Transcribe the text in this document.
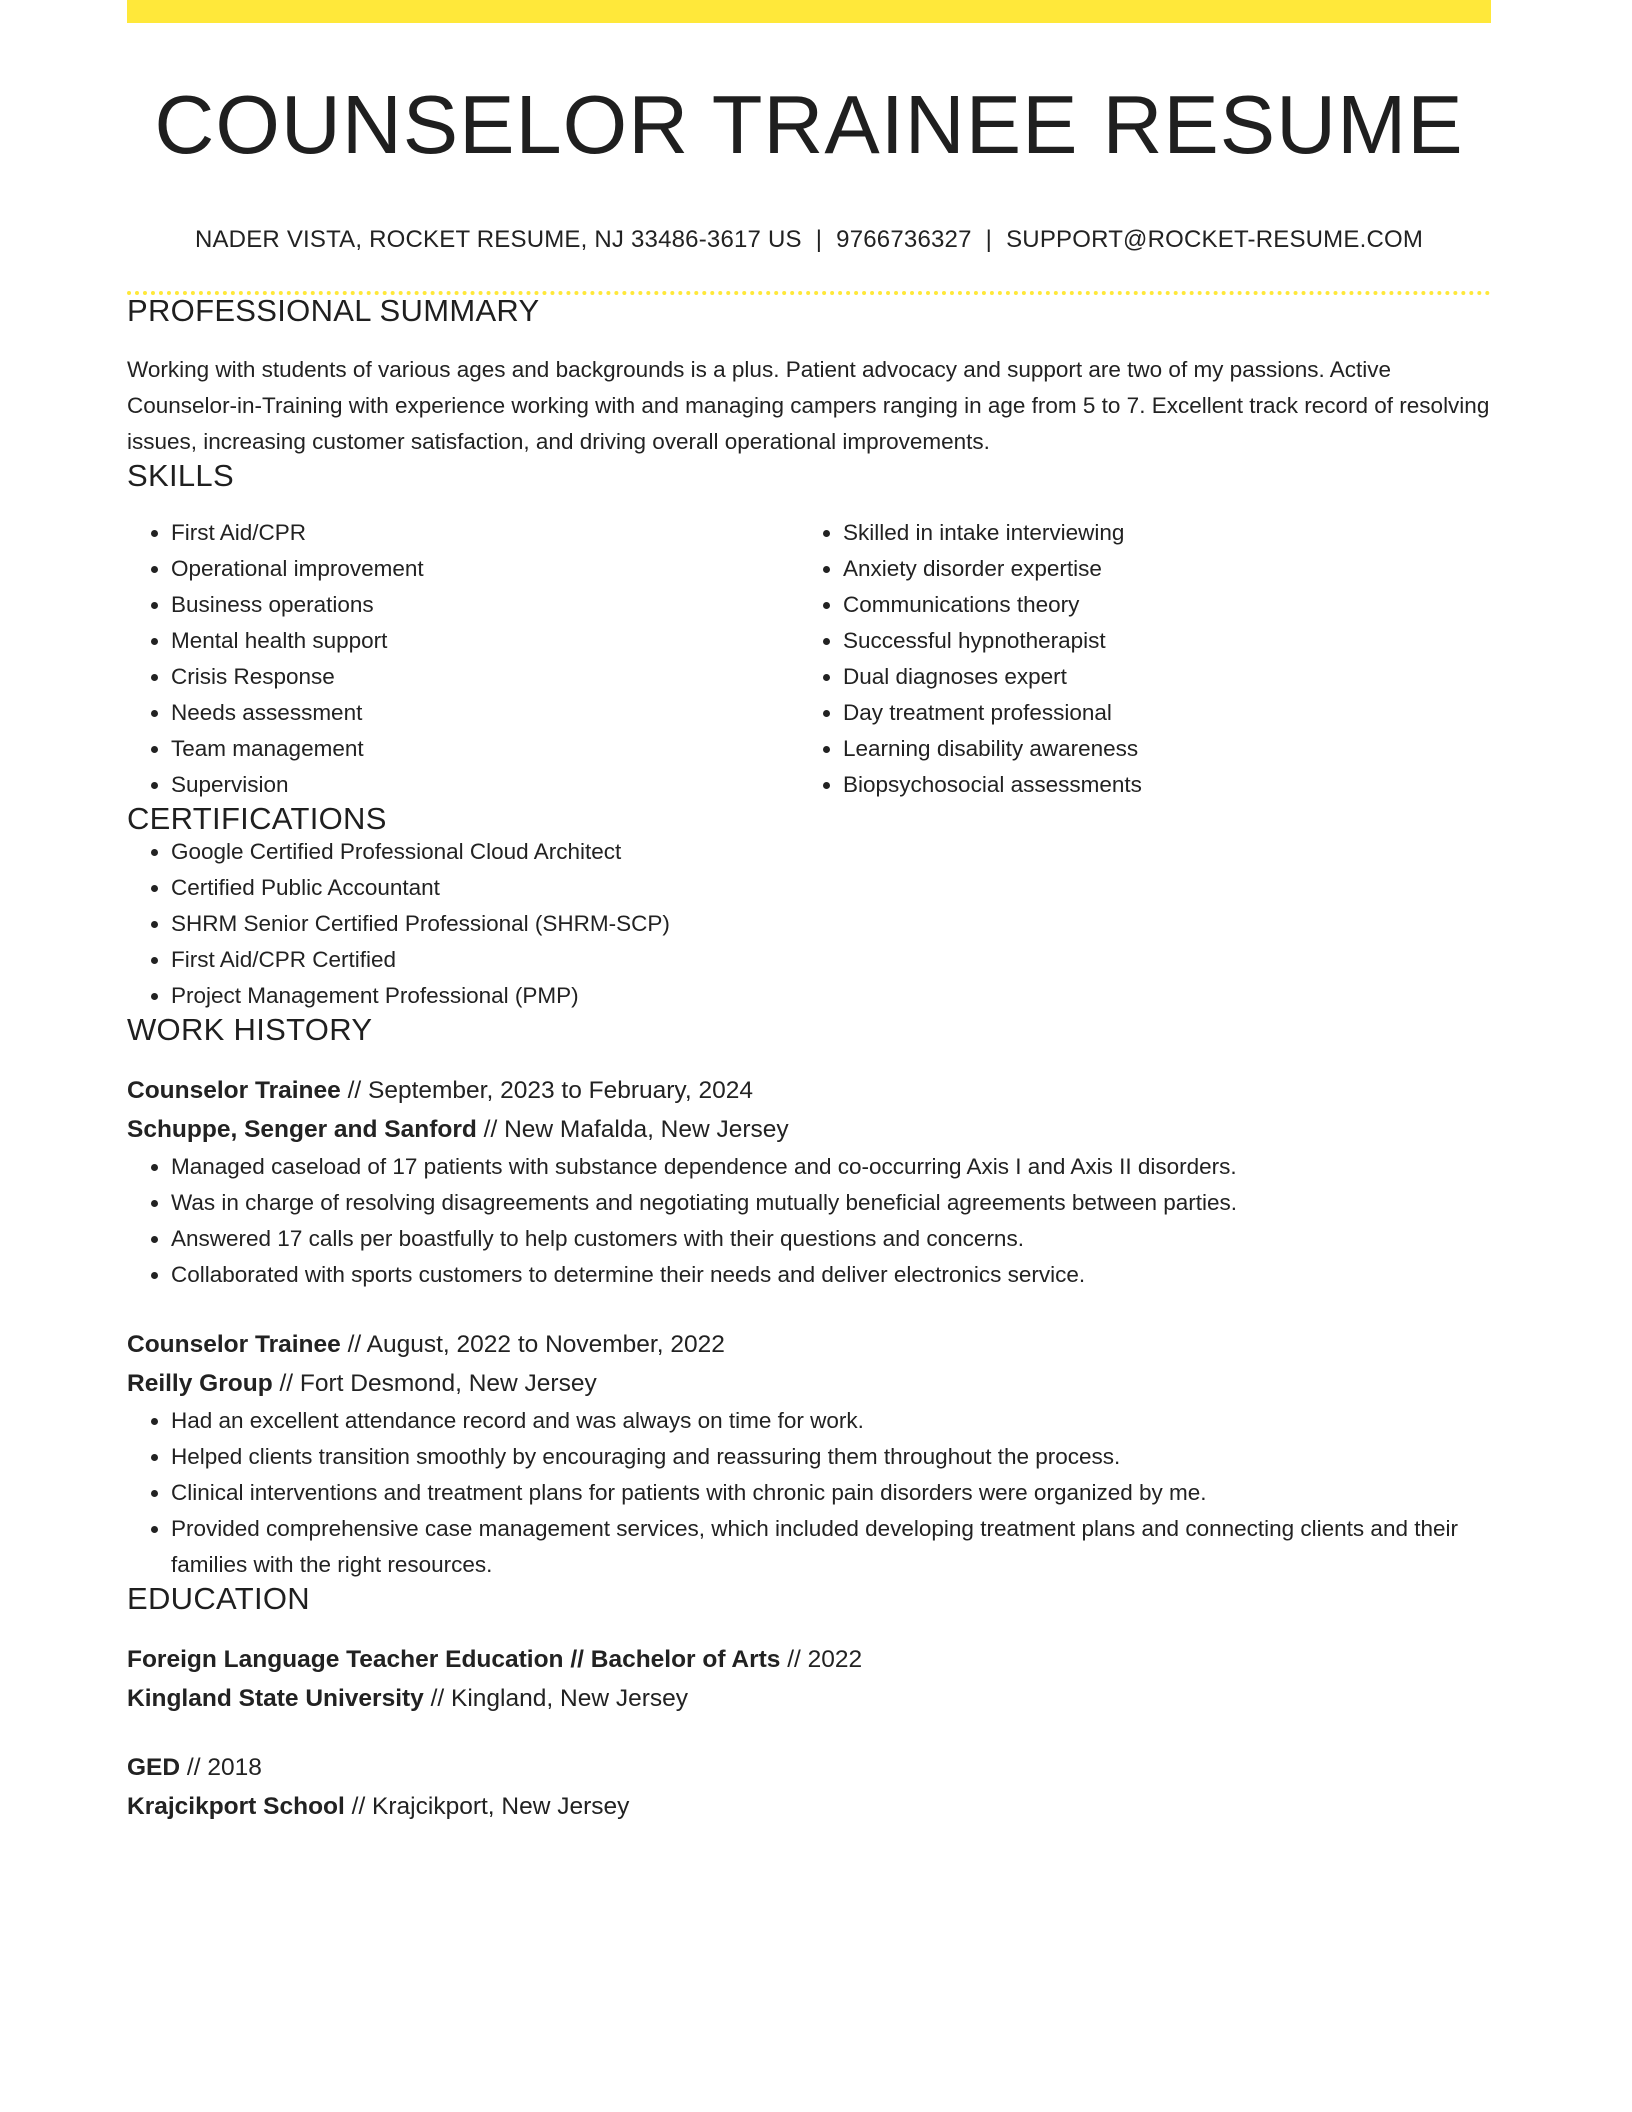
COUNSELOR TRAINEE RESUME
NADER VISTA, ROCKET RESUME, NJ 33486-3617 US | 9766736327 | SUPPORT@ROCKET-RESUME.COM
PROFESSIONAL SUMMARY

Working with students of various ages and backgrounds is a plus. Patient advocacy and support are two of my passions. Active Counselor-in-Training with experience working with and managing campers ranging in age from 5 to 7. Excellent track record of resolving issues, increasing customer satisfaction, and driving overall operational improvements.

SKILLS
• First Aid/CPR
• Operational improvement
• Business operations
• Mental health support
• Crisis Response
• Needs assessment
• Team management
• Supervision
• Skilled in intake interviewing
• Anxiety disorder expertise
• Communications theory
• Successful hypnotherapist
• Dual diagnoses expert
• Day treatment professional
• Learning disability awareness
• Biopsychosocial assessments
CERTIFICATIONS
• Google Certified Professional Cloud Architect
• Certified Public Accountant
• SHRM Senior Certified Professional (SHRM-SCP)
• First Aid/CPR Certified
• Project Management Professional (PMP)
WORK HISTORY

Counselor Trainee // September, 2023 to February, 2024

Schuppe, Senger and Sanford // New Mafalda, New Jersey

• Managed caseload of 17 patients with substance dependence and co-occurring Axis I and Axis II disorders.
• Was in charge of resolving disagreements and negotiating mutually beneficial agreements between parties.
• Answered 17 calls per boastfully to help customers with their questions and concerns.
• Collaborated with sports customers to determine their needs and deliver electronics service.

Counselor Trainee // August, 2022 to November, 2022

Reilly Group // Fort Desmond, New Jersey

• Had an excellent attendance record and was always on time for work.
• Helped clients transition smoothly by encouraging and reassuring them throughout the process.
• Clinical interventions and treatment plans for patients with chronic pain disorders were organized by me.
• Provided comprehensive case management services, which included developing treatment plans and connecting clients and their families with the right resources.
EDUCATION

Foreign Language Teacher Education // Bachelor of Arts // 2022

Kingland State University // Kingland, New Jersey

GED // 2018

Krajcikport School // Krajcikport, New Jersey
